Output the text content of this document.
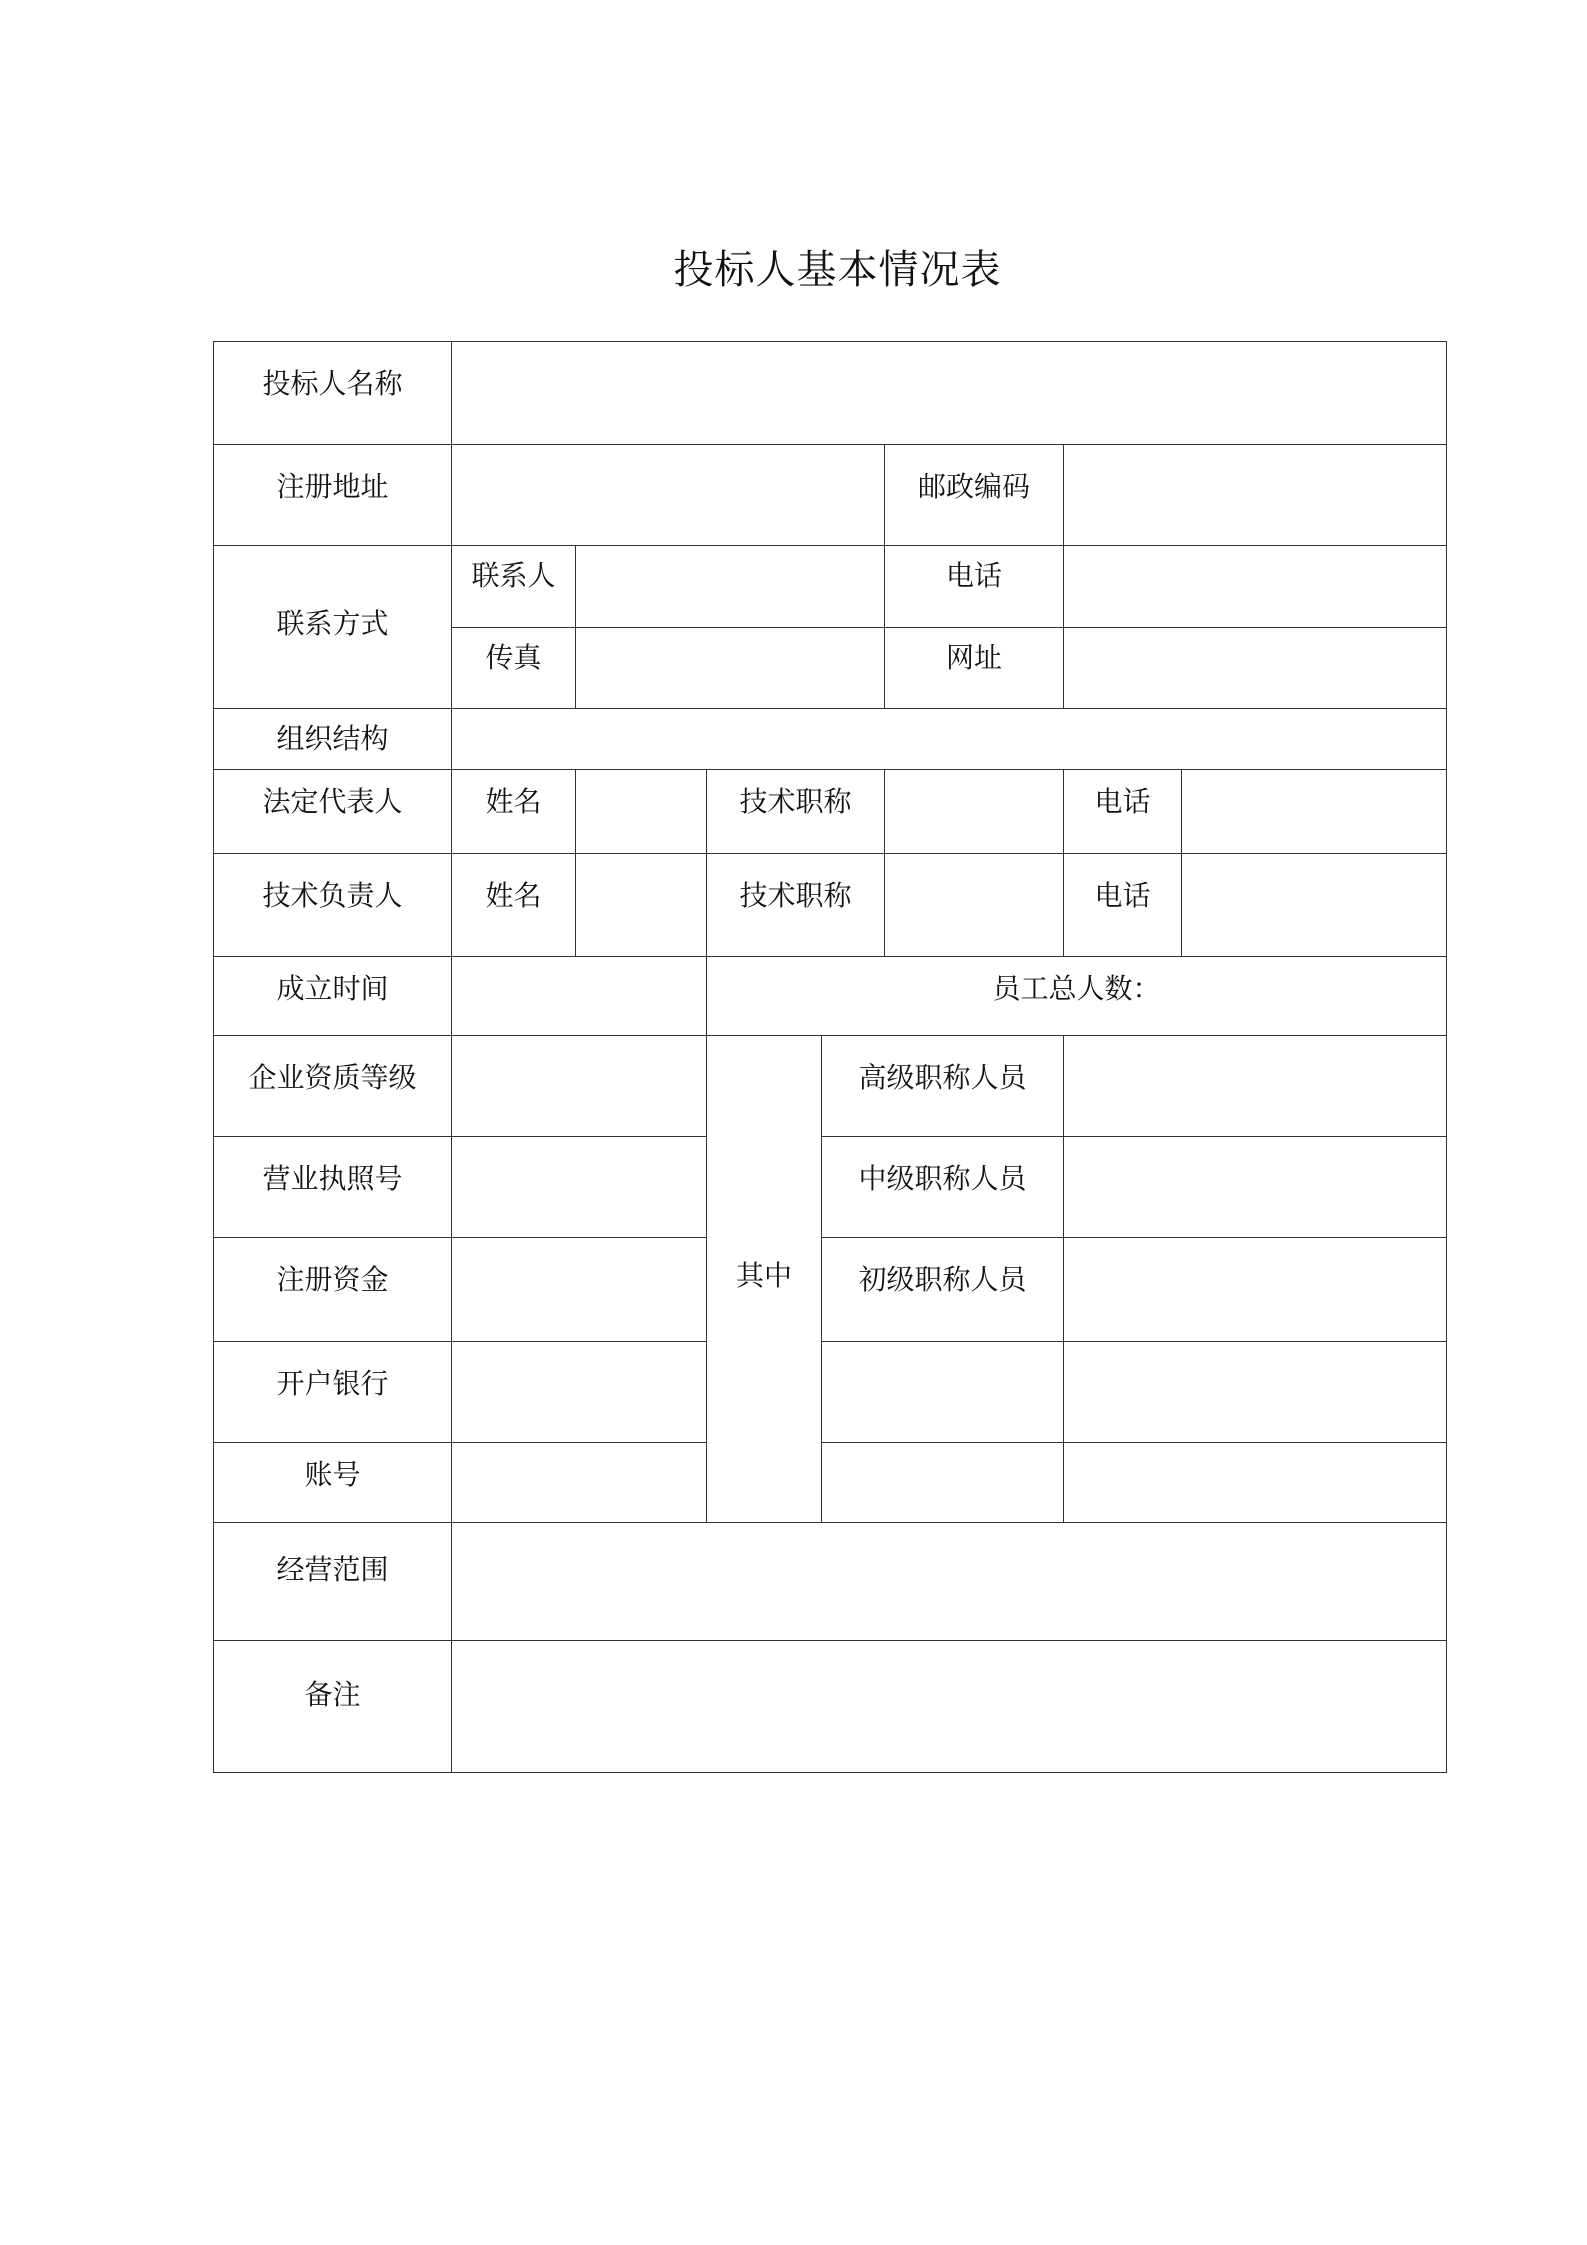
投标人基本情况表
投标人名称							
注册地址					邮政编码		
联系方式	联系人				电话		
	传真				网址		
组织结构							
法定代表人	姓名		技术职称			电话	
技术负责人	姓名		技术职称			电话	
成立时间			员工总人数：				
企业资质等级			其中	高级职称人员			
营业执照号				中级职称人员			
注册资金				初级职称人员			
开户银行							
账号							
经营范围							
备注							
